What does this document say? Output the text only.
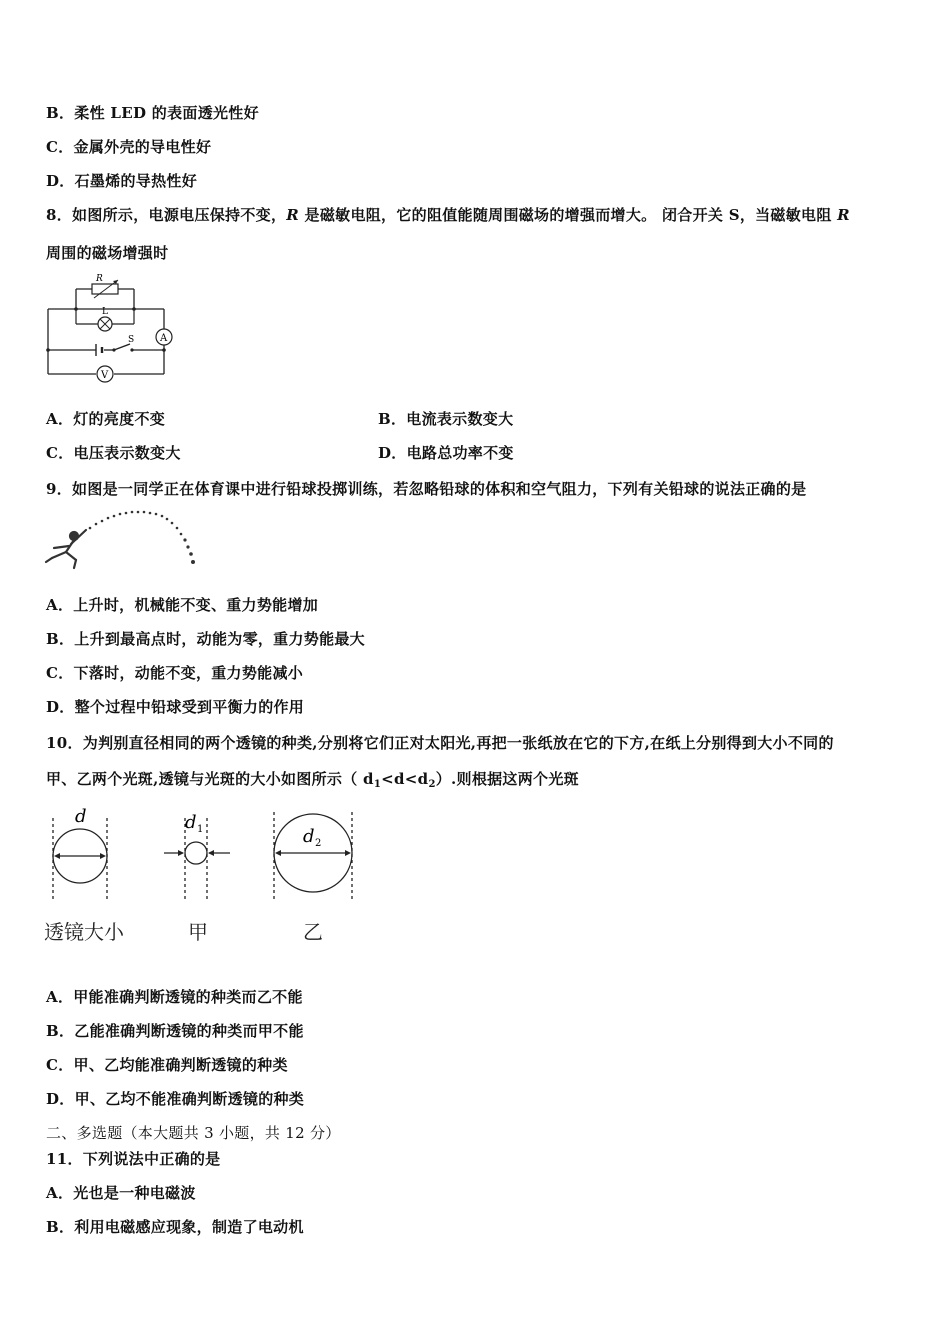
B．柔性 LED 的表面透光性好
C．金属外壳的导电性好
D．石墨烯的导热性好
8．如图所示，电源电压保持不变，R 是磁敏电阻，它的阻值能随周围磁场的增强而增大。 闭合开关 S，当磁敏电阻 R
周围的磁场增强时
R
L
A
S
V
A．灯的亮度不变	B．电流表示数变大
C．电压表示数变大	D．电路总功率不变
9．如图是一同学正在体育课中进行铅球投掷训练，若忽略铅球的体积和空气阻力，下列有关铅球的说法正确的是
A．上升时，机械能不变、重力势能增加
B．上升到最高点时，动能为零，重力势能最大
C．下落时，动能不变，重力势能减小
D．整个过程中铅球受到平衡力的作用
10．为判别直径相同的两个透镜的种类,分别将它们正对太阳光,再把一张纸放在它的下方,在纸上分别得到大小不同的
甲、乙两个光斑,透镜与光斑的大小如图所示（ $d_1<d<d_2$）.则根据这两个光斑
d	d 1	d 2
透镜大小	甲	乙
A．甲能准确判断透镜的种类而乙不能
B．乙能准确判断透镜的种类而甲不能
C．甲、乙均能准确判断透镜的种类
D．甲、乙均不能准确判断透镜的种类
二、多选题（本大题共 3 小题，共 12 分）
11．下列说法中正确的是
A．光也是一种电磁波
B．利用电磁感应现象，制造了电动机
